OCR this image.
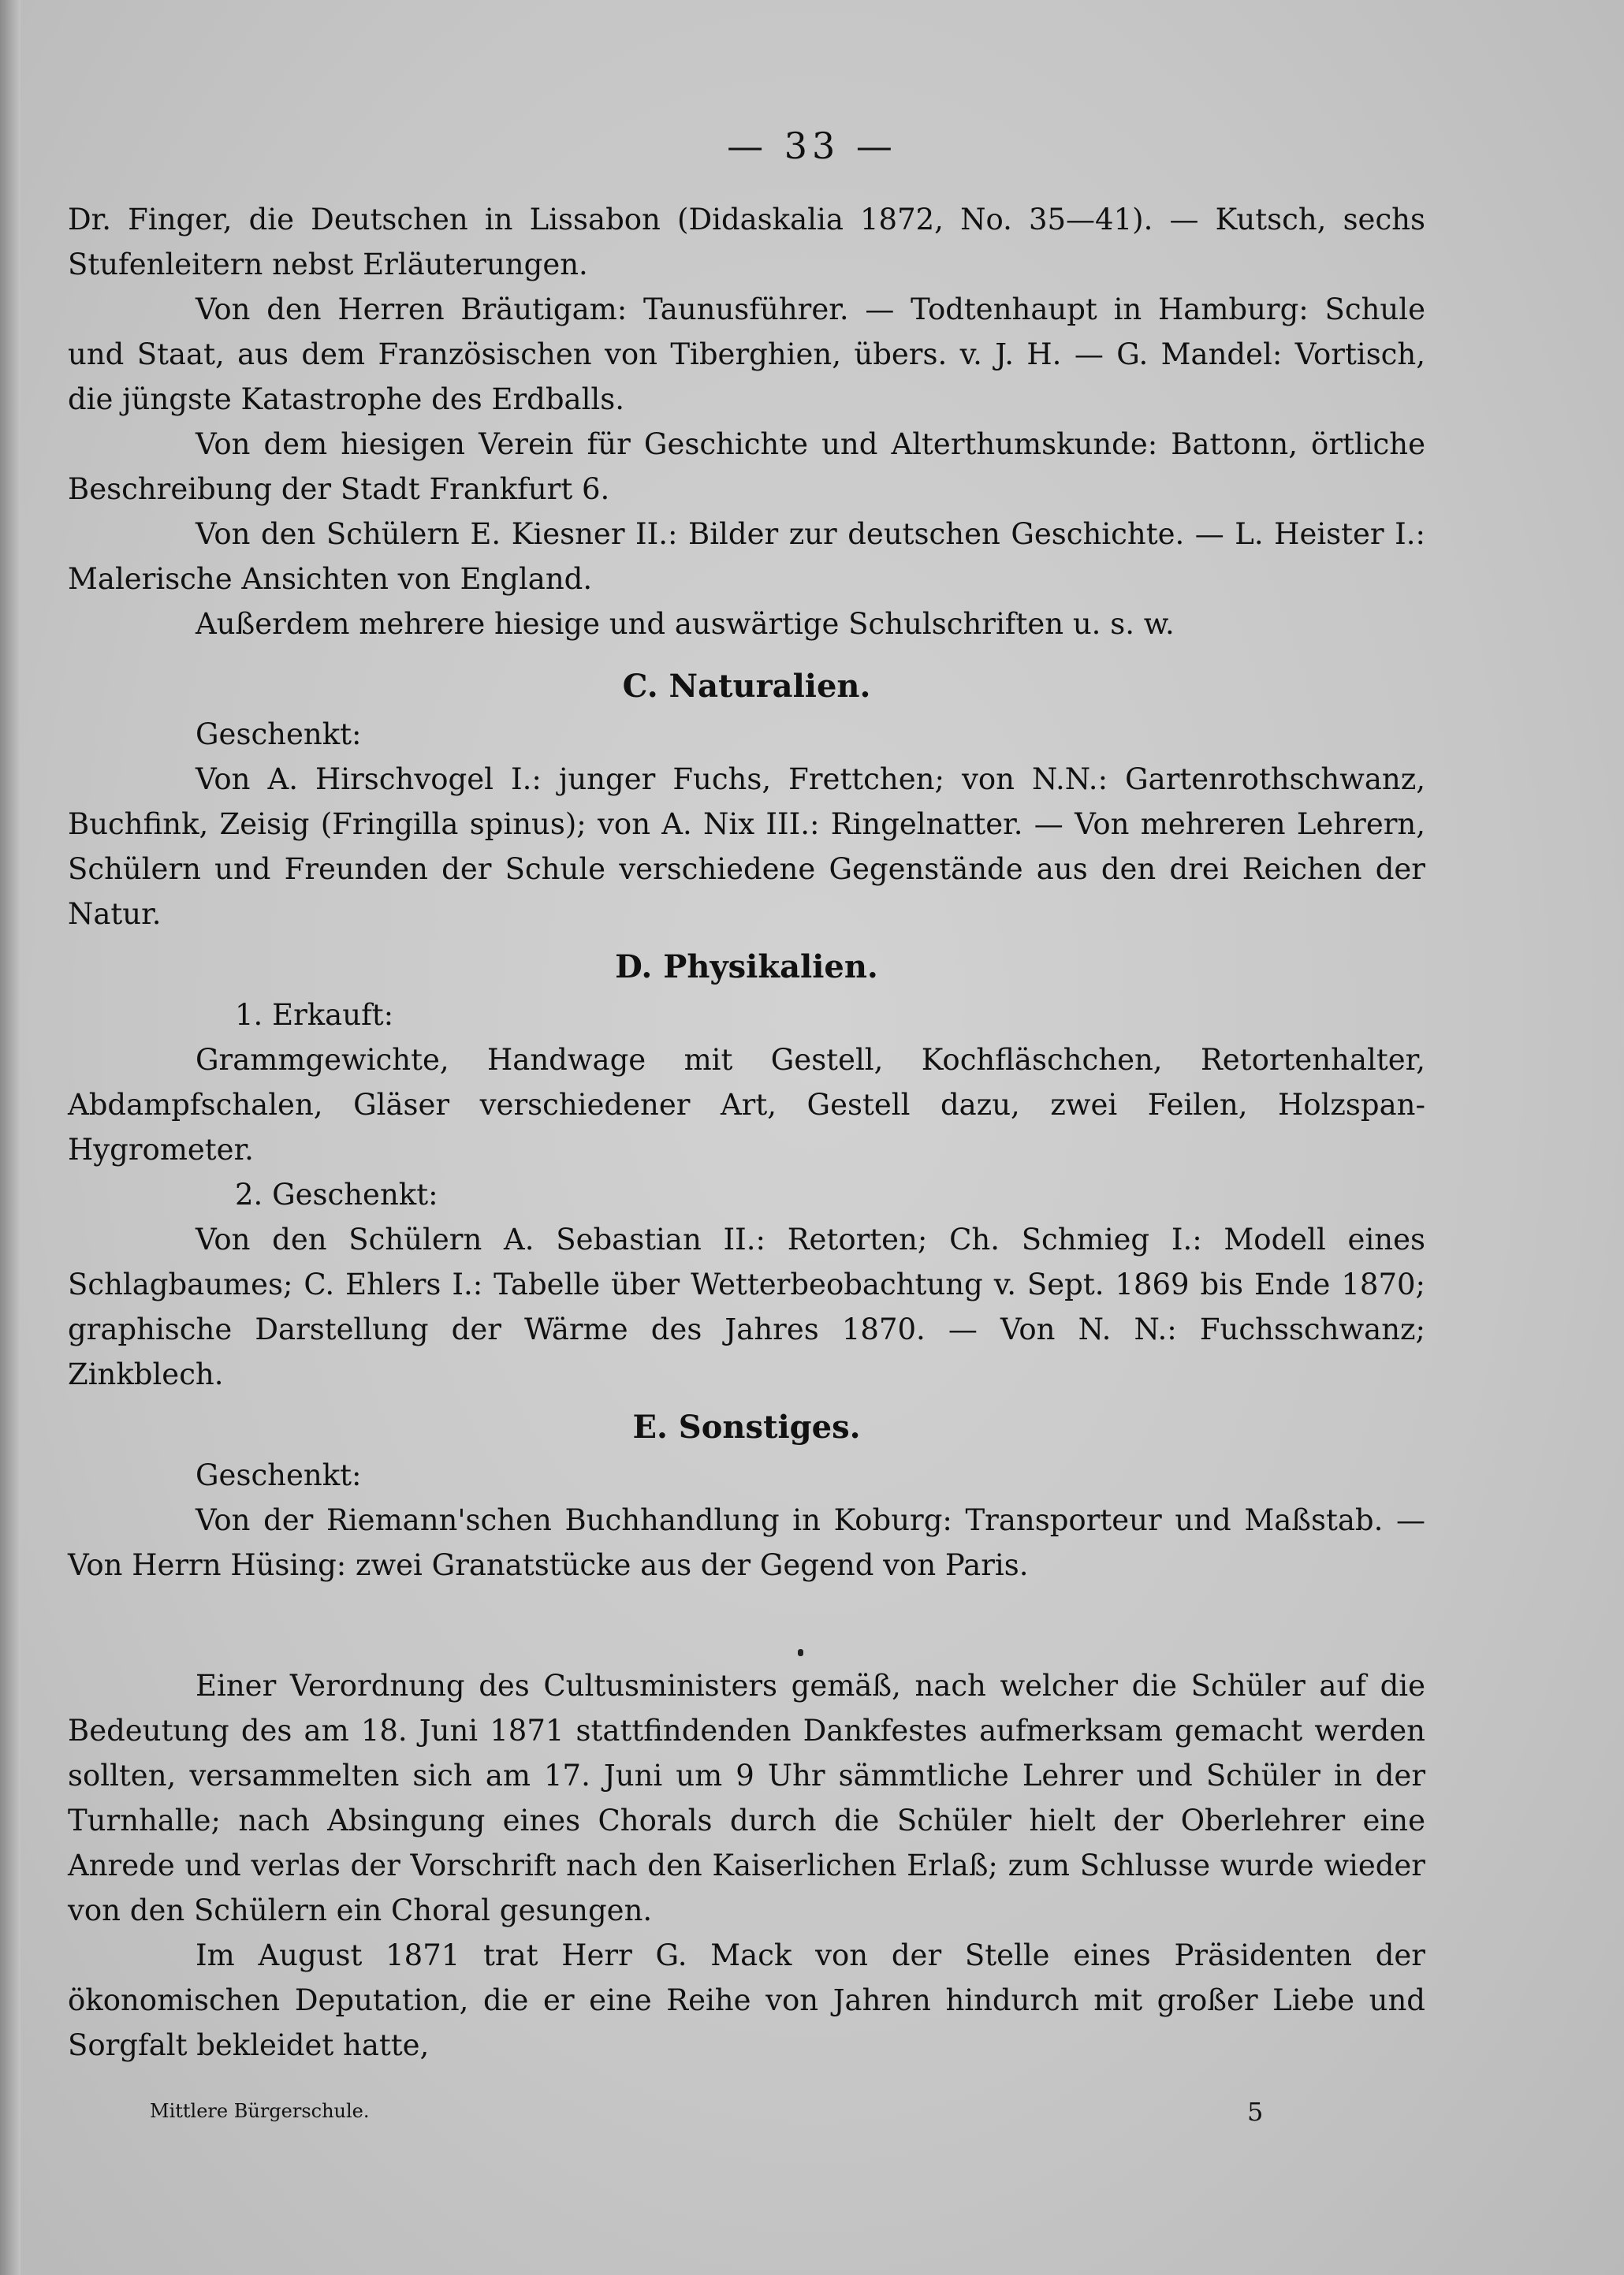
— 33 —

Dr. Finger, die Deutschen in Lissabon (Didaskalia 1872, No. 35—41). — Kutsch, sechs Stufenleitern nebst Erläuterungen.

Von den Herren Bräutigam: Taunusführer. — Todtenhaupt in Hamburg: Schule und Staat, aus dem Französischen von Tiberghien, übers. v. J. H. — G. Mandel: Vortisch, die jüngste Katastrophe des Erdballs.

Von dem hiesigen Verein für Geschichte und Alterthumskunde: Battonn, örtliche Beschreibung der Stadt Frankfurt 6.

Von den Schülern E. Kiesner II.: Bilder zur deutschen Geschichte. — L. Heister I.: Malerische Ansichten von England.

Außerdem mehrere hiesige und auswärtige Schulschriften u. s. w.

C. Naturalien.

Geschenkt:

Von A. Hirschvogel I.: junger Fuchs, Frettchen; von N.N.: Gartenrothschwanz, Buchfink, Zeisig (Fringilla spinus); von A. Nix III.: Ringelnatter. — Von mehreren Lehrern, Schülern und Freunden der Schule verschiedene Gegenstände aus den drei Reichen der Natur.

D. Physikalien.

1. Erkauft:

Grammgewichte, Handwage mit Gestell, Kochfläschchen, Retortenhalter, Abdampfschalen, Gläser verschiedener Art, Gestell dazu, zwei Feilen, Holzspan-Hygrometer.

2. Geschenkt:

Von den Schülern A. Sebastian II.: Retorten; Ch. Schmieg I.: Modell eines Schlagbaumes; C. Ehlers I.: Tabelle über Wetterbeobachtung v. Sept. 1869 bis Ende 1870; graphische Darstellung der Wärme des Jahres 1870. — Von N. N.: Fuchsschwanz; Zinkblech.

E. Sonstiges.

Geschenkt:

Von der Riemann'schen Buchhandlung in Koburg: Transporteur und Maßstab. — Von Herrn Hüsing: zwei Granatstücke aus der Gegend von Paris.

Einer Verordnung des Cultusministers gemäß, nach welcher die Schüler auf die Bedeutung des am 18. Juni 1871 stattfindenden Dankfestes aufmerksam gemacht werden sollten, versammelten sich am 17. Juni um 9 Uhr sämmtliche Lehrer und Schüler in der Turnhalle; nach Absingung eines Chorals durch die Schüler hielt der Oberlehrer eine Anrede und verlas der Vorschrift nach den Kaiserlichen Erlaß; zum Schlusse wurde wieder von den Schülern ein Choral gesungen.

Im August 1871 trat Herr G. Mack von der Stelle eines Präsidenten der ökonomischen Deputation, die er eine Reihe von Jahren hindurch mit großer Liebe und Sorgfalt bekleidet hatte,

Mittlere Bürgerschule.	5
